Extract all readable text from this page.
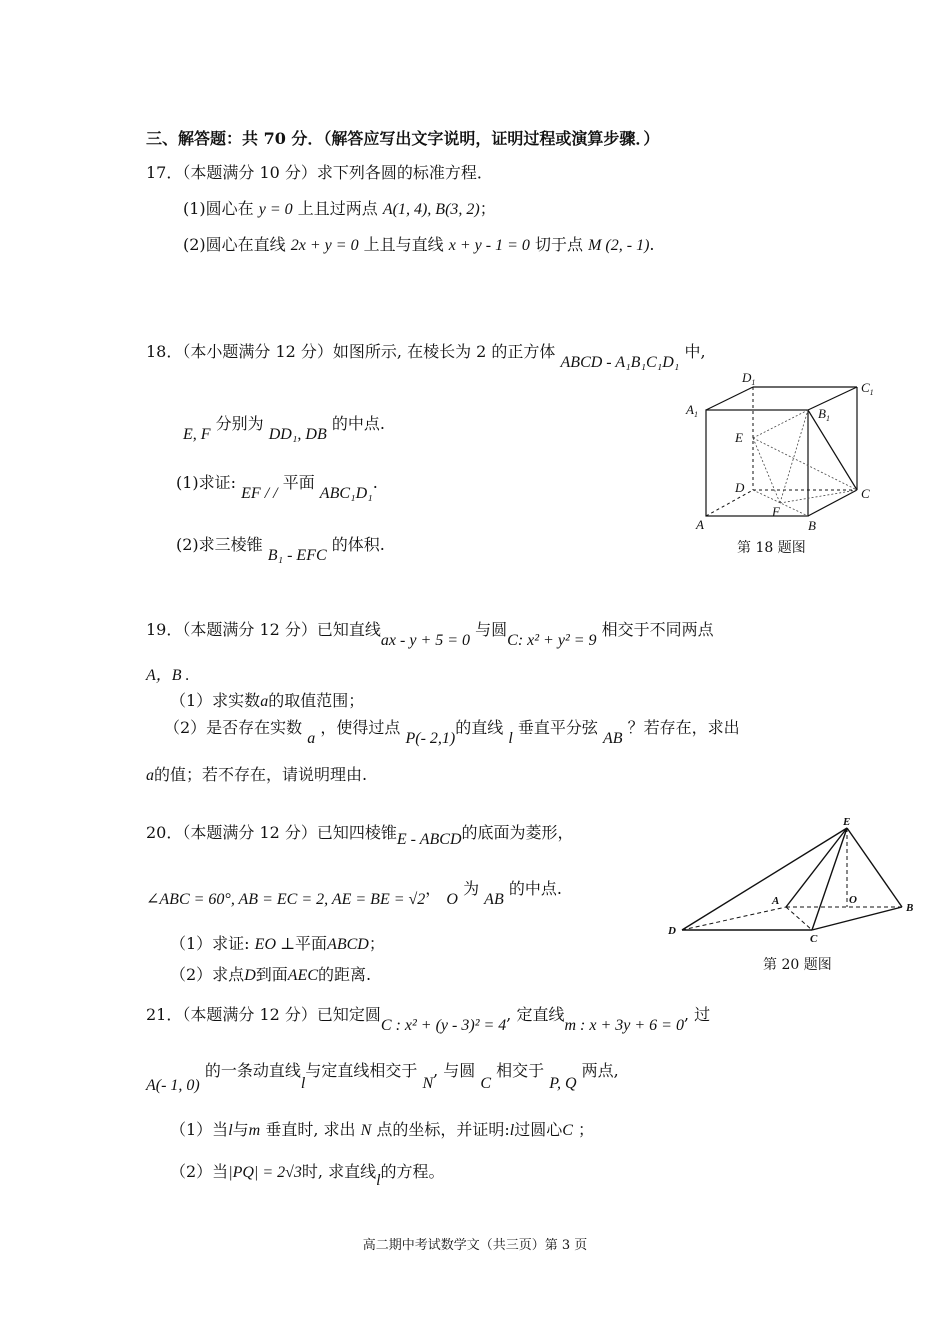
三、解答题：共 70 分．（解答应写出文字说明，证明过程或演算步骤．）
17．（本题满分 10 分）求下列各圆的标准方程．
(1)圆心在 y = 0 上且过两点 A(1, 4), B(3, 2)；
(2)圆心在直线 2x + y = 0 上且与直线 x + y - 1 = 0 切于点 M (2, - 1).
18．（本小题满分 12 分）如图所示, 在棱长为 2 的正方体 ABCD - A₁B₁C₁D₁ 中,
E, F 分别为 DD₁, DB 的中点.
(1)求证: EF / / 平面 ABC₁D₁.
(2)求三棱锥 B₁ - EFC 的体积.
$D_1$	$C_1$
$A_1$	$B_1$
E
D	C
F
A	B
第 18 题图
19．（本题满分 12 分）已知直线ax - y + 5 = 0 与圆C: x² + y² = 9 相交于不同两点
A，B .
（1）求实数a的取值范围；
（2）是否存在实数 a ，使得过点 P(- 2,1)的直线 l 垂直平分弦 AB ？若存在，求出
a的值；若不存在，请说明理由.
20．（本题满分 12 分）已知四棱锥E - ABCD的底面为菱形，
∠ABC = 60°, AB = EC = 2, AE = BE = √2， O 为 AB 的中点.
（1）求证: EO ⊥平面ABCD；
（2）求点D到面AEC的距离.
E
A	O
B
D
C
第 20 题图
21．（本题满分 12 分）已知定圆C : x² + (y - 3)² = 4, 定直线m : x + 3y + 6 = 0, 过
A(- 1, 0) 的一条动直线l与定直线相交于 N, 与圆 C 相交于 P, Q 两点,
（1）当l与m 垂直时, 求出 N 点的坐标，并证明:l过圆心C ；
（2）当|PQ| = 2√3时, 求直线l的方程。
高二期中考试数学文（共三页）第 3 页
